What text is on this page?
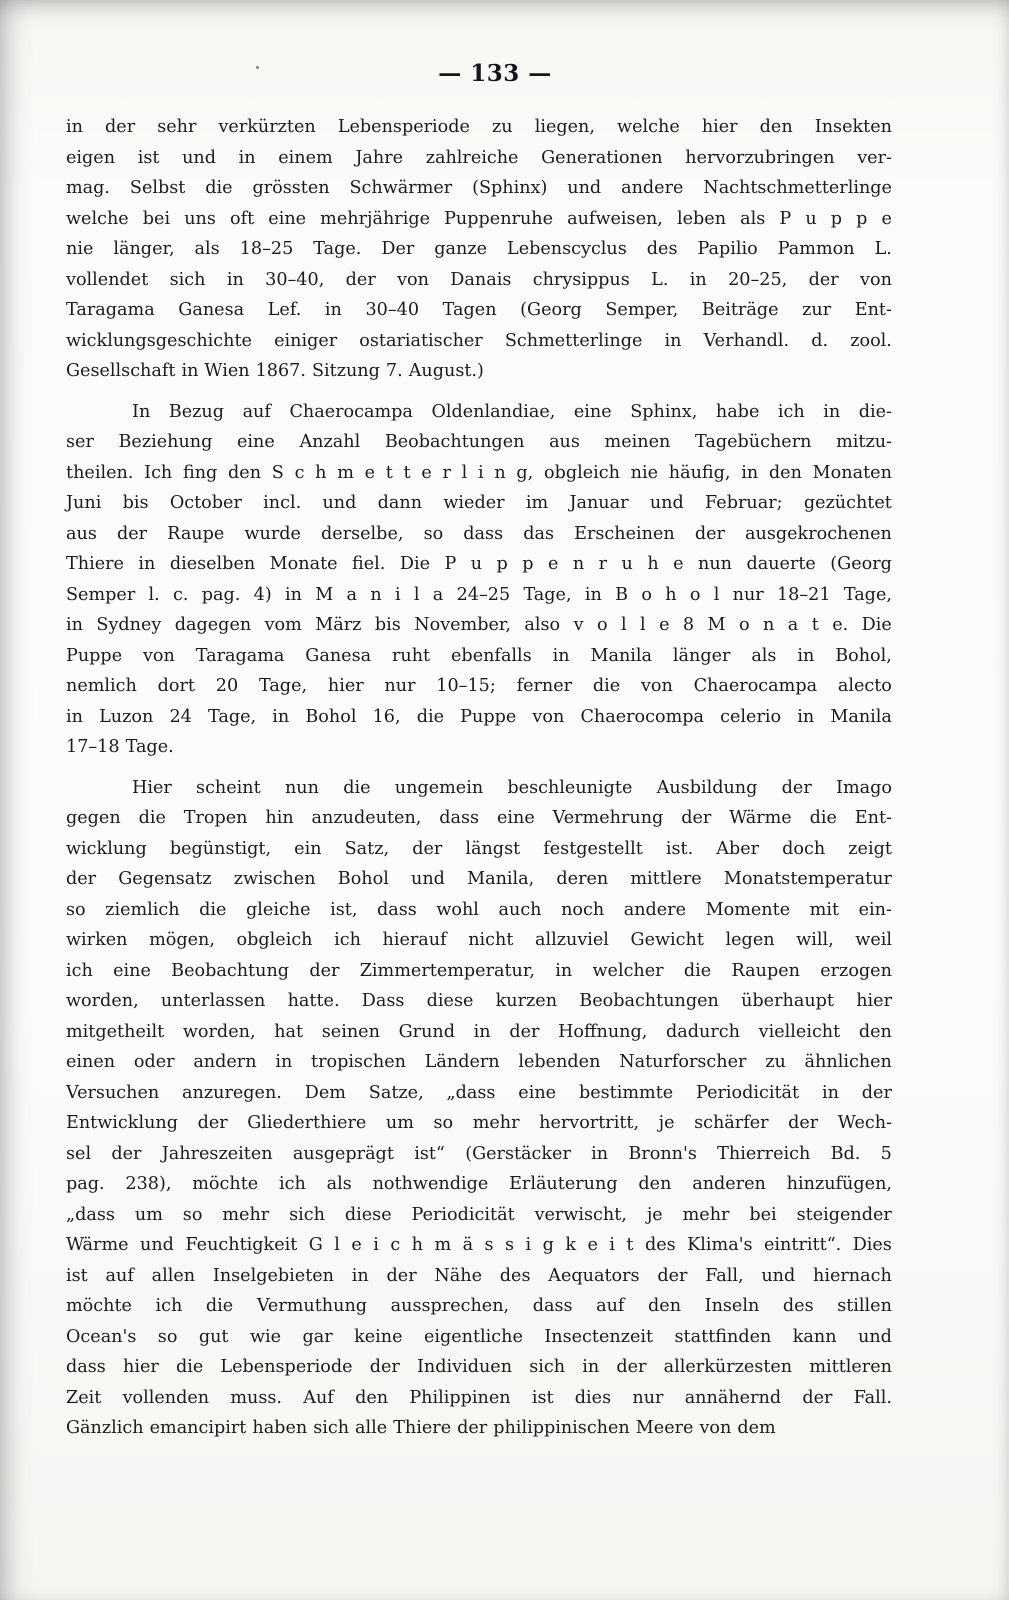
— 133 —
in der sehr verkürzten Lebensperiode zu liegen, welche hier den Insekten
eigen ist und in einem Jahre zahlreiche Generationen hervorzubringen ver-
mag. Selbst die grössten Schwärmer (Sphinx) und andere Nachtschmetterlinge
welche bei uns oft eine mehrjährige Puppenruhe aufweisen, leben als P u p p e
nie länger, als 18–25 Tage. Der ganze Lebenscyclus des Papilio Pammon L.
vollendet sich in 30–40, der von Danais chrysippus L. in 20–25, der von
Taragama Ganesa Lef. in 30–40 Tagen (Georg Semper, Beiträge zur Ent-
wicklungsgeschichte einiger ostariatischer Schmetterlinge in Verhandl. d. zool.
Gesellschaft in Wien 1867. Sitzung 7. August.)
In Bezug auf Chaerocampa Oldenlandiae, eine Sphinx, habe ich in die-
ser Beziehung eine Anzahl Beobachtungen aus meinen Tagebüchern mitzu-
theilen. Ich fing den S c h m e t t e r l i n g, obgleich nie häufig, in den Monaten
Juni bis October incl. und dann wieder im Januar und Februar; gezüchtet
aus der Raupe wurde derselbe, so dass das Erscheinen der ausgekrochenen
Thiere in dieselben Monate fiel. Die P u p p e n r u h e nun dauerte (Georg
Semper l. c. pag. 4) in M a n i l a 24–25 Tage, in B o h o l nur 18–21 Tage,
in Sydney dagegen vom März bis November, also v o l l e 8 M o n a t e. Die
Puppe von Taragama Ganesa ruht ebenfalls in Manila länger als in Bohol,
nemlich dort 20 Tage, hier nur 10–15; ferner die von Chaerocampa alecto
in Luzon 24 Tage, in Bohol 16, die Puppe von Chaerocompa celerio in Manila
17–18 Tage.
Hier scheint nun die ungemein beschleunigte Ausbildung der Imago
gegen die Tropen hin anzudeuten, dass eine Vermehrung der Wärme die Ent-
wicklung begünstigt, ein Satz, der längst festgestellt ist. Aber doch zeigt
der Gegensatz zwischen Bohol und Manila, deren mittlere Monatstemperatur
so ziemlich die gleiche ist, dass wohl auch noch andere Momente mit ein-
wirken mögen, obgleich ich hierauf nicht allzuviel Gewicht legen will, weil
ich eine Beobachtung der Zimmertemperatur, in welcher die Raupen erzogen
worden, unterlassen hatte. Dass diese kurzen Beobachtungen überhaupt hier
mitgetheilt worden, hat seinen Grund in der Hoffnung, dadurch vielleicht den
einen oder andern in tropischen Ländern lebenden Naturforscher zu ähnlichen
Versuchen anzuregen. Dem Satze, „dass eine bestimmte Periodicität in der
Entwicklung der Gliederthiere um so mehr hervortritt, je schärfer der Wech-
sel der Jahreszeiten ausgeprägt ist“ (Gerstäcker in Bronn's Thierreich Bd. 5
pag. 238), möchte ich als nothwendige Erläuterung den anderen hinzufügen,
„dass um so mehr sich diese Periodicität verwischt, je mehr bei steigender
Wärme und Feuchtigkeit G l e i c h m ä s s i g k e i t des Klima's eintritt“. Dies
ist auf allen Inselgebieten in der Nähe des Aequators der Fall, und hiernach
möchte ich die Vermuthung aussprechen, dass auf den Inseln des stillen
Ocean's so gut wie gar keine eigentliche Insectenzeit stattfinden kann und
dass hier die Lebensperiode der Individuen sich in der allerkürzesten mittleren
Zeit vollenden muss. Auf den Philippinen ist dies nur annähernd der Fall.
Gänzlich emancipirt haben sich alle Thiere der philippinischen Meere von dem
